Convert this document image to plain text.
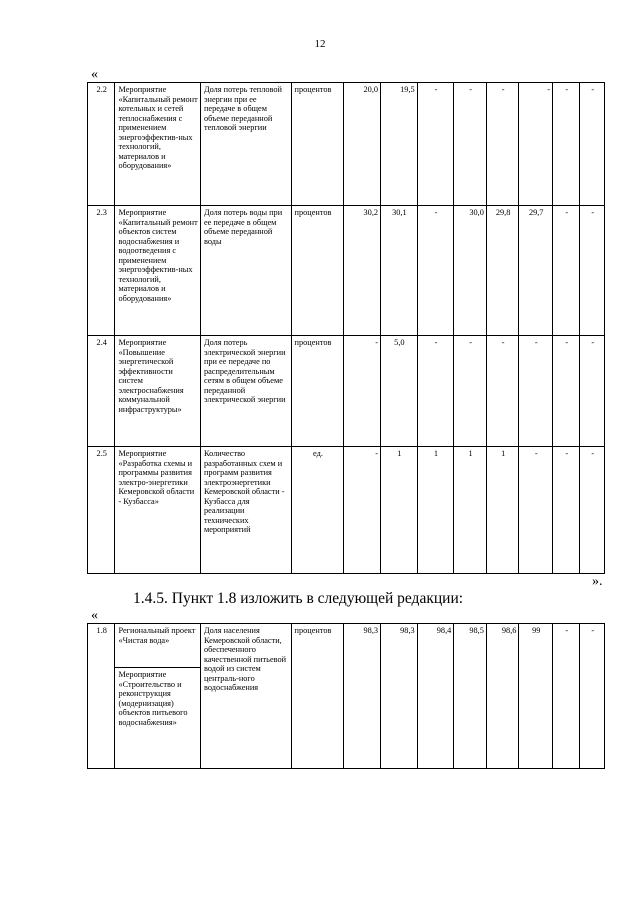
12
«
2.2	Мероприятие «Капитальный ремонт котельных и сетей теплоснабжения с применением энергоэффектив-ных технологий, материалов и оборудования»	Доля потерь тепловой энергии при ее передаче в общем объеме переданной тепловой энергии	процентов	20,0	19,5	-	-	-	-	-	-
2.3	Мероприятие «Капитальный ремонт объектов систем водоснабжения и водоотведения с применением энергоэффектив-ных технологий, материалов и оборудования»	Доля потерь воды при ее передаче в общем объеме переданной воды	процентов	30,2	30,1	-	30,0	29,8	29,7	-	-
2.4	Мероприятие «Повышение энергетической эффективности систем электроснабжения коммунальной инфраструктуры»	Доля потерь электрической энергии при ее передаче по распределительным сетям в общем объеме переданной электрической энергии	процентов	-	5,0	-	-	-	-	-	-
2.5	Мероприятие «Разработка схемы и программы развития электро-энергетики Кемеровской области - Кузбасса»	Количество разработанных схем и программ развития электроэнергетики Кемеровской области - Кузбасса для реализации технических мероприятий	ед.	-	1	1	1	1	-	-	-
».
1.4.5. Пункт 1.8 изложить в следующей редакции:
«
1.8	Региональный проект «Чистая вода»	Доля населения Кемеровской области, обеспеченного качественной питьевой водой из систем централь-ного водоснабжения	процентов	98,3	98,3	98,4	98,5	98,6	99	-	-
Мероприятие «Строительство и реконструкция (модернизация) объектов питьевого водоснабжения»
